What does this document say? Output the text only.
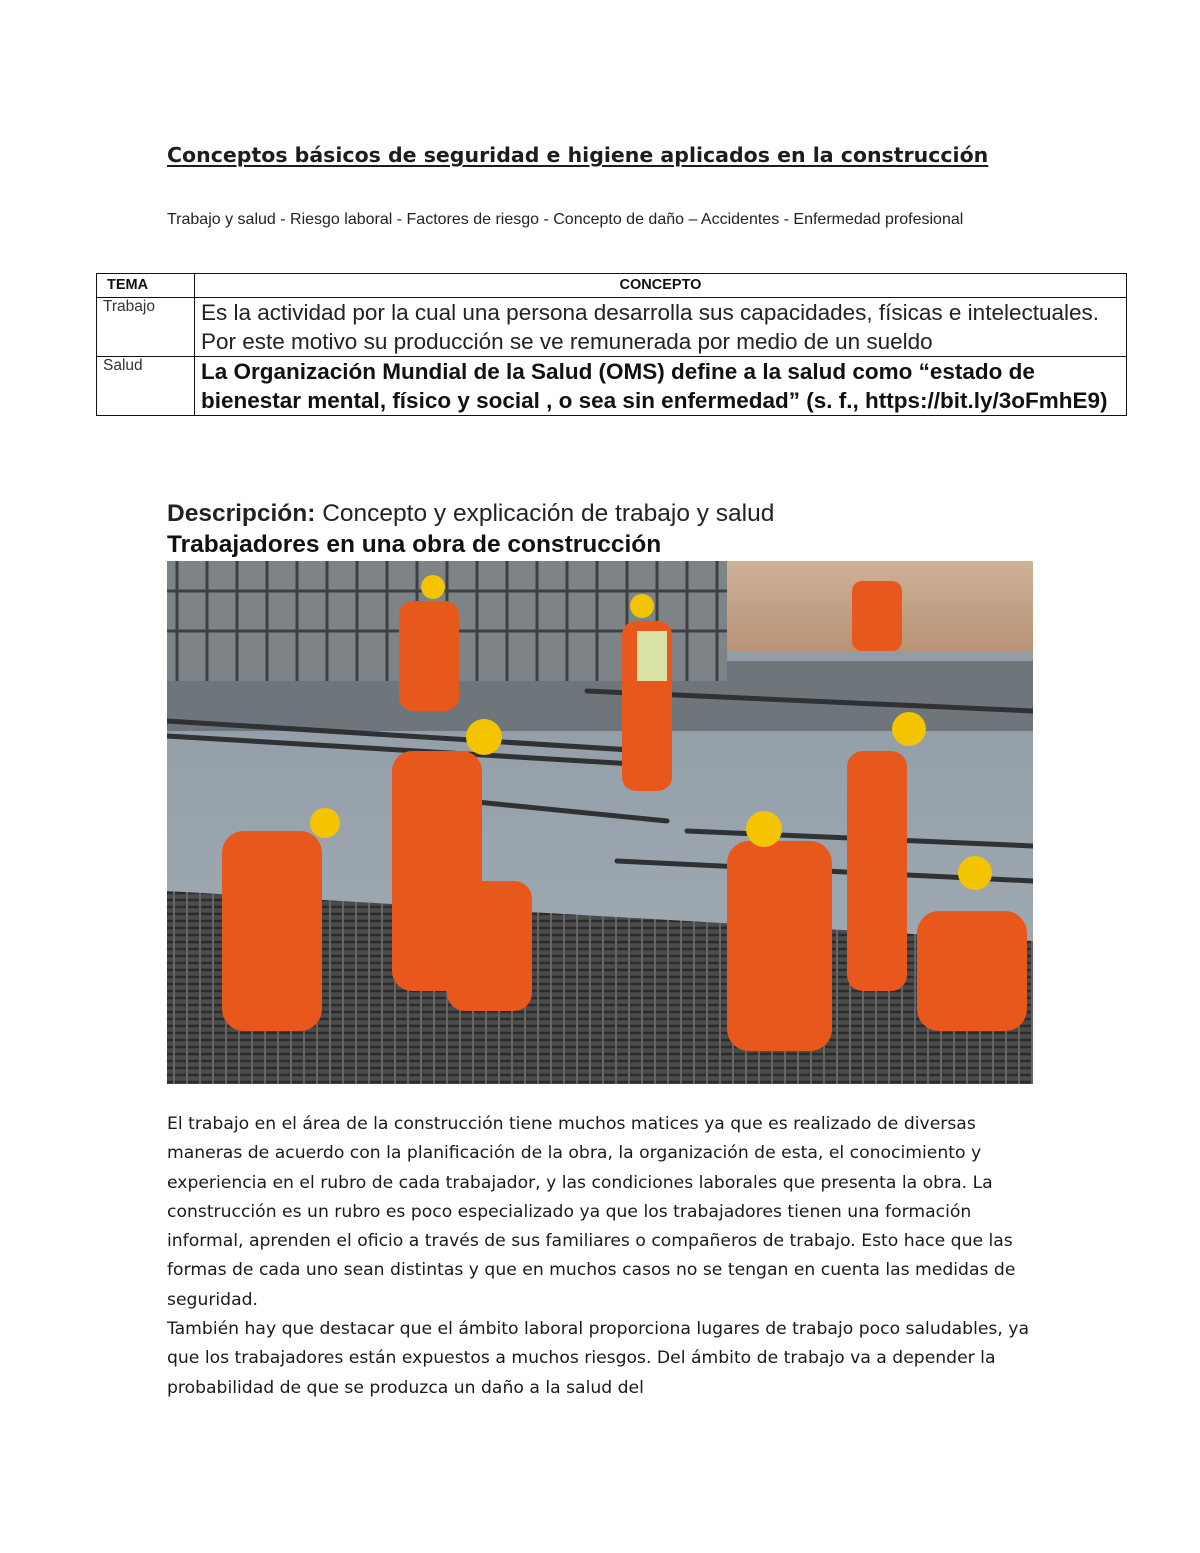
Conceptos básicos de seguridad e higiene aplicados en la construcción

Trabajo y salud - Riesgo laboral - Factores de riesgo - Concepto de daño – Accidentes - Enfermedad profesional

TEMA	CONCEPTO
Trabajo	Es la actividad por la cual una persona desarrolla sus capacidades, físicas e intelectuales. Por este motivo su producción se ve remunerada por medio de un sueldo
Salud	La Organización Mundial de la Salud (OMS) define a la salud como “estado de bienestar mental, físico y social , o sea sin enfermedad” (s. f., https://bit.ly/3oFmhE9)

Descripción: Concepto y explicación de trabajo y salud

Trabajadores en una obra de construcción

El trabajo en el área de la construcción tiene muchos matices ya que es realizado de diversas maneras de acuerdo con la planificación de la obra, la organización de esta, el conocimiento y experiencia en el rubro de cada trabajador, y las condiciones laborales que presenta la obra. La construcción es un rubro es poco especializado ya que los trabajadores tienen una formación informal, aprenden el oficio a través de sus familiares o compañeros de trabajo. Esto hace que las formas de cada uno sean distintas y que en muchos casos no se tengan en cuenta las medidas de seguridad.

También hay que destacar que el ámbito laboral proporciona lugares de trabajo poco saludables, ya que los trabajadores están expuestos a muchos riesgos. Del ámbito de trabajo va a depender la probabilidad de que se produzca un daño a la salud del
